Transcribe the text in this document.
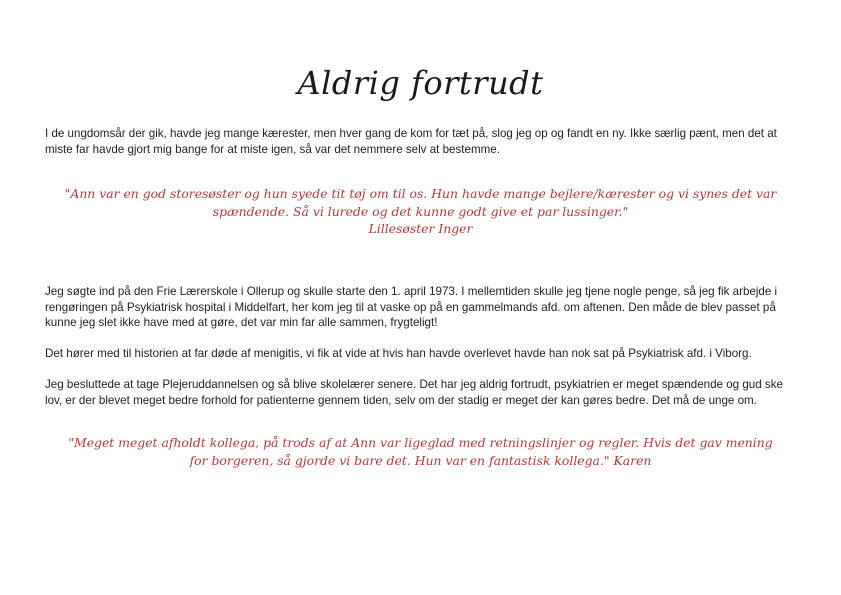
Aldrig fortrudt

I de ungdomsår der gik, havde jeg mange kærester, men hver gang de kom for tæt på, slog jeg op og fandt en ny. Ikke særlig pænt, men det at miste far havde gjort mig bange for at miste igen, så var det nemmere selv at bestemme.

"Ann var en god storesøster og hun syede tit tøj om til os. Hun havde mange bejlere/kærester og vi synes det var spændende. Så vi lurede og det kunne godt give et par lussinger."
Lillesøster Inger

Jeg søgte ind på den Frie Lærerskole i Ollerup og skulle starte den 1. april 1973. I mellemtiden skulle jeg tjene nogle penge, så jeg fik arbejde i rengøringen på Psykiatrisk hospital i Middelfart, her kom jeg til at vaske op på en gammelmands afd. om aftenen. Den måde de blev passet på kunne jeg slet ikke have med at gøre, det var min far alle sammen, frygteligt!

Det hører med til historien at far døde af menigitis, vi fik at vide at hvis han havde overlevet havde han nok sat på Psykiatrisk afd. i Viborg.

Jeg besluttede at tage Plejeruddannelsen og så blive skolelærer senere. Det har jeg aldrig fortrudt, psykiatrien er meget spændende og gud ske lov, er der blevet meget bedre forhold for patienterne gennem tiden, selv om der stadig er meget der kan gøres bedre. Det må de unge om.

"Meget meget afholdt kollega, på trods af at Ann var ligeglad med retningslinjer og regler. Hvis det gav mening for borgeren, så gjorde vi bare det. Hun var en fantastisk kollega." Karen
